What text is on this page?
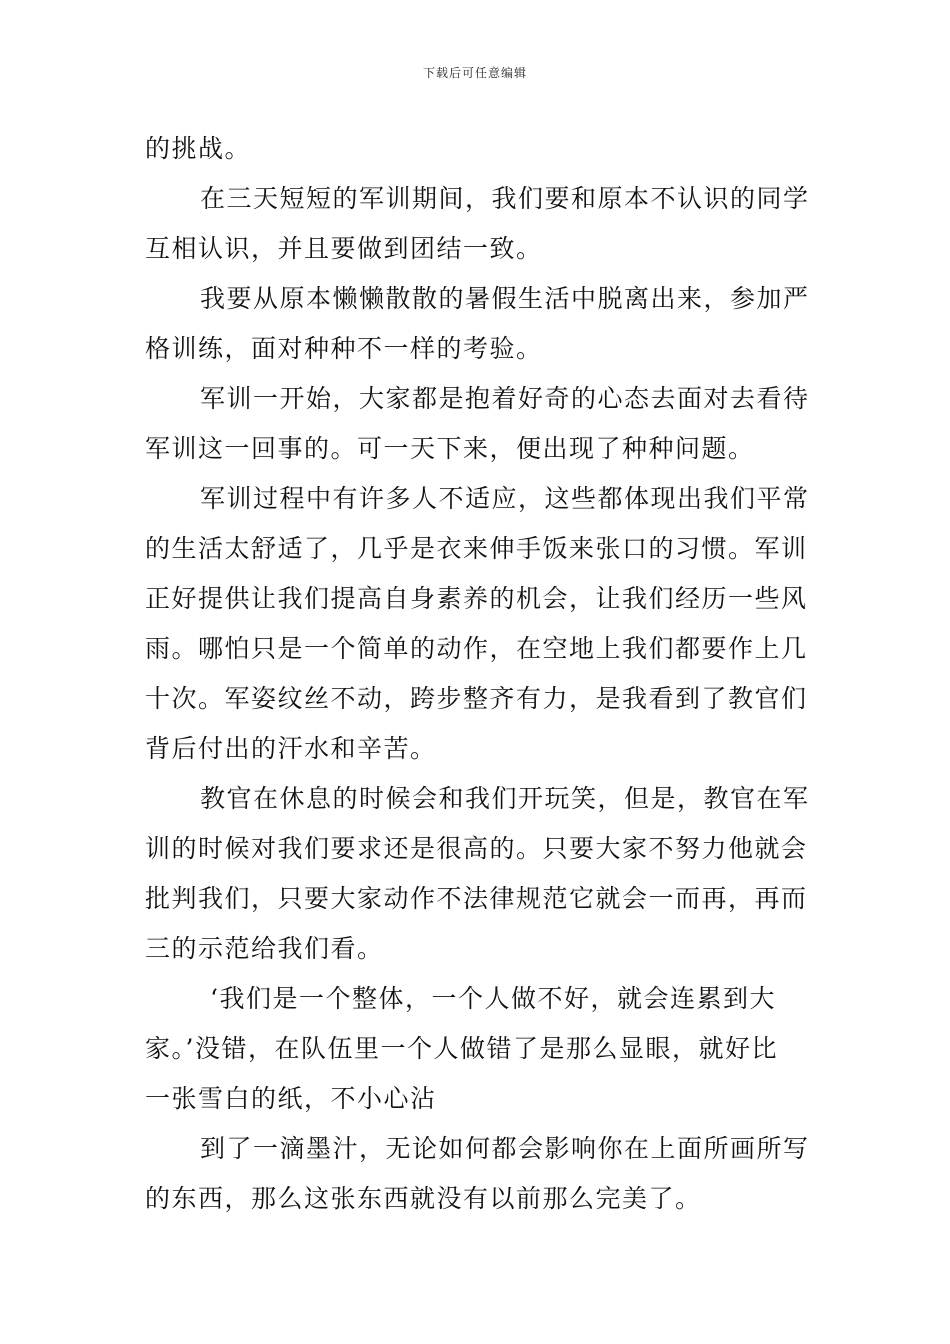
下载后可任意编辑
的挑战。
在三天短短的军训期间，我们要和原本不认识的同学
互相认识，并且要做到团结一致。
我要从原本懒懒散散的暑假生活中脱离出来，参加严
格训练，面对种种不一样的考验。
军训一开始，大家都是抱着好奇的心态去面对去看待
军训这一回事的。可一天下来，便出现了种种问题。
军训过程中有许多人不适应，这些都体现出我们平常
的生活太舒适了，几乎是衣来伸手饭来张口的习惯。军训
正好提供让我们提高自身素养的机会，让我们经历一些风
雨。哪怕只是一个简单的动作，在空地上我们都要作上几
十次。军姿纹丝不动，跨步整齐有力，是我看到了教官们
背后付出的汗水和辛苦。
教官在休息的时候会和我们开玩笑，但是，教官在军
训的时候对我们要求还是很高的。只要大家不努力他就会
批判我们，只要大家动作不法律规范它就会一而再，再而
三的示范给我们看。
‘我们是一个整体，一个人做不好，就会连累到大
家。’没错，在队伍里一个人做错了是那么显眼，就好比
一张雪白的纸，不小心沾
到了一滴墨汁，无论如何都会影响你在上面所画所写
的东西，那么这张东西就没有以前那么完美了。
